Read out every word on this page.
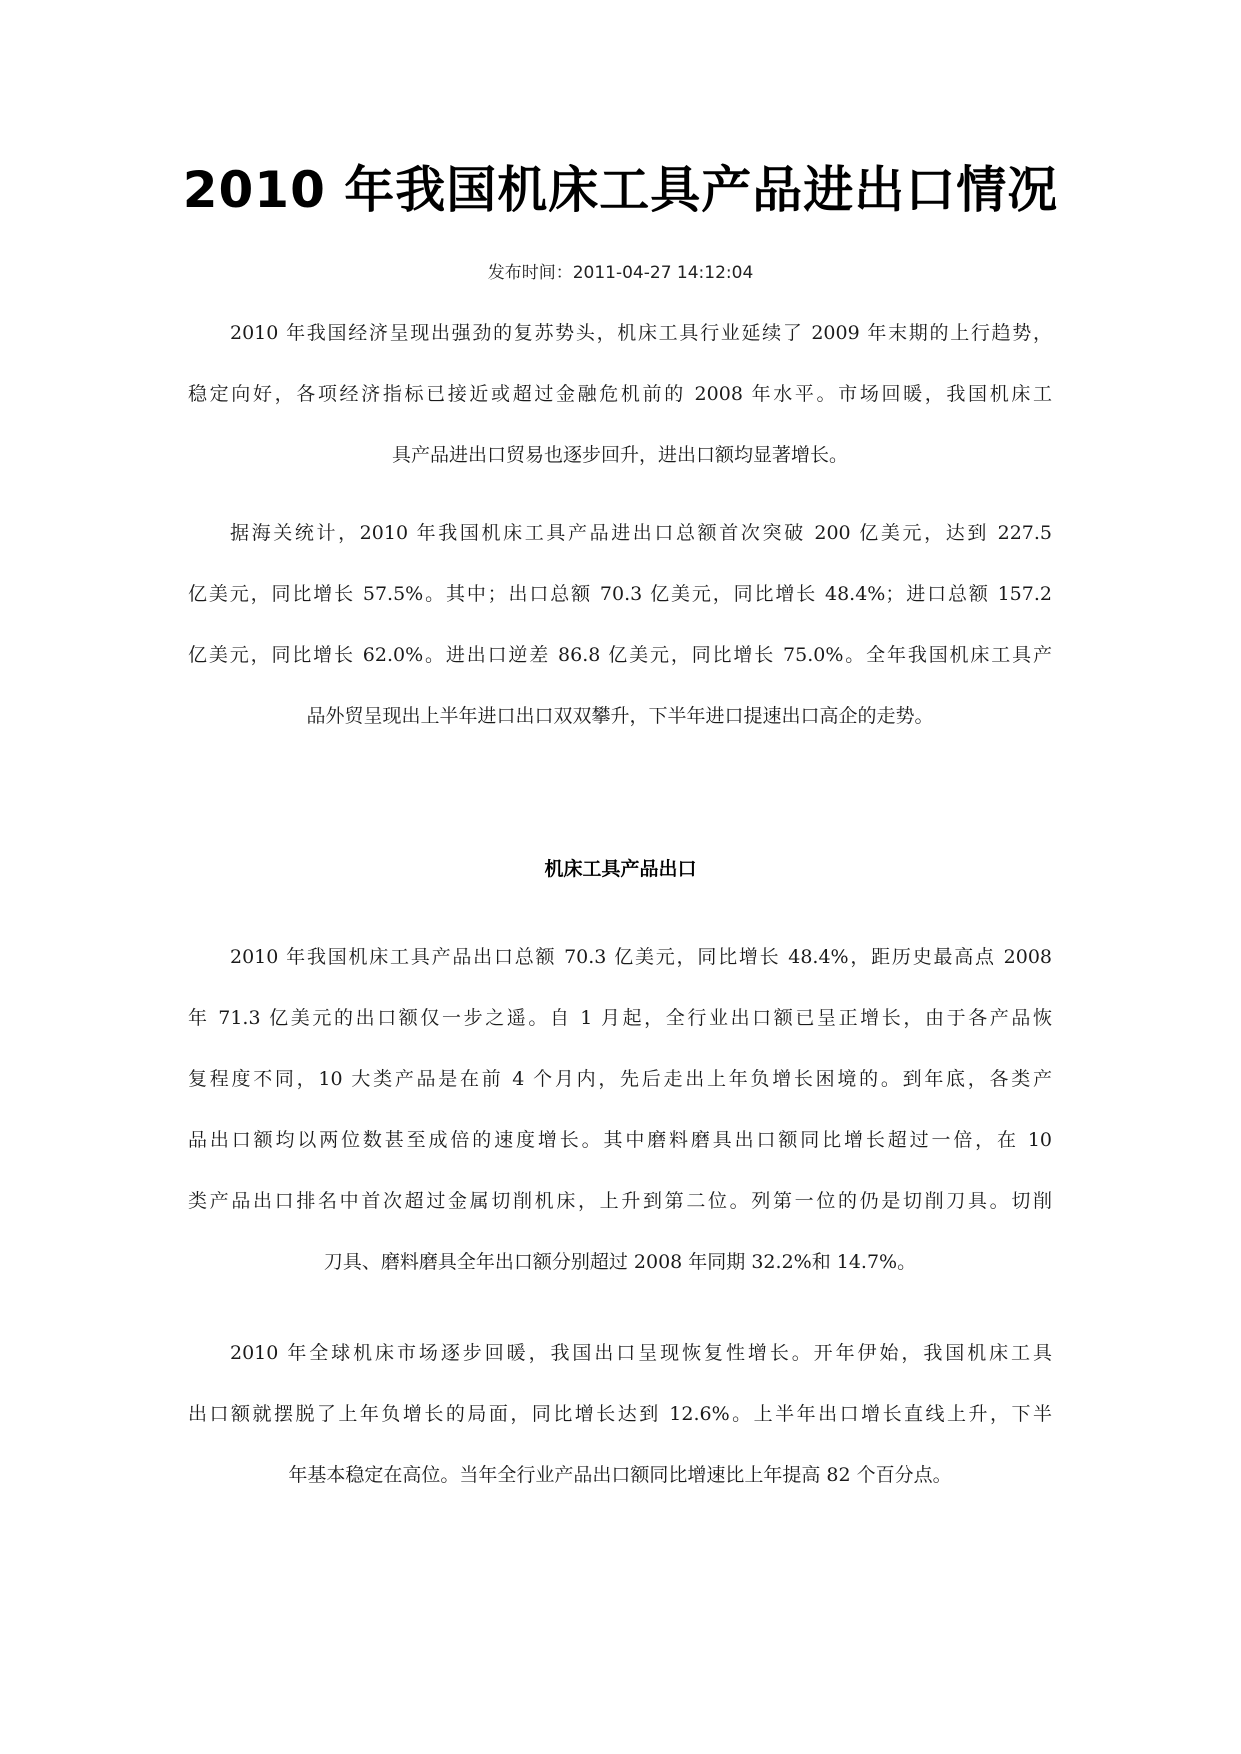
2010 年我国机床工具产品进出口情况
发布时间：2011-04-27 14:12:04
2010 年我国经济呈现出强劲的复苏势头，机床工具行业延续了 2009 年末期的上行趋势，
稳定向好，各项经济指标已接近或超过金融危机前的 2008 年水平。市场回暖，我国机床工
具产品进出口贸易也逐步回升，进出口额均显著增长。
据海关统计，2010 年我国机床工具产品进出口总额首次突破 200 亿美元，达到 227.5
亿美元，同比增长 57.5%。其中；出口总额 70.3 亿美元，同比增长 48.4%；进口总额 157.2
亿美元，同比增长 62.0%。进出口逆差 86.8 亿美元，同比增长 75.0%。全年我国机床工具产
品外贸呈现出上半年进口出口双双攀升，下半年进口提速出口高企的走势。
机床工具产品出口
2010 年我国机床工具产品出口总额 70.3 亿美元，同比增长 48.4%，距历史最高点 2008
年 71.3 亿美元的出口额仅一步之遥。自 1 月起，全行业出口额已呈正增长，由于各产品恢
复程度不同，10 大类产品是在前 4 个月内，先后走出上年负增长困境的。到年底，各类产
品出口额均以两位数甚至成倍的速度增长。其中磨料磨具出口额同比增长超过一倍，在 10
类产品出口排名中首次超过金属切削机床，上升到第二位。列第一位的仍是切削刀具。切削
刀具、磨料磨具全年出口额分别超过 2008 年同期 32.2%和 14.7%。
2010 年全球机床市场逐步回暖，我国出口呈现恢复性增长。开年伊始，我国机床工具
出口额就摆脱了上年负增长的局面，同比增长达到 12.6%。上半年出口增长直线上升，下半
年基本稳定在高位。当年全行业产品出口额同比增速比上年提高 82 个百分点。
